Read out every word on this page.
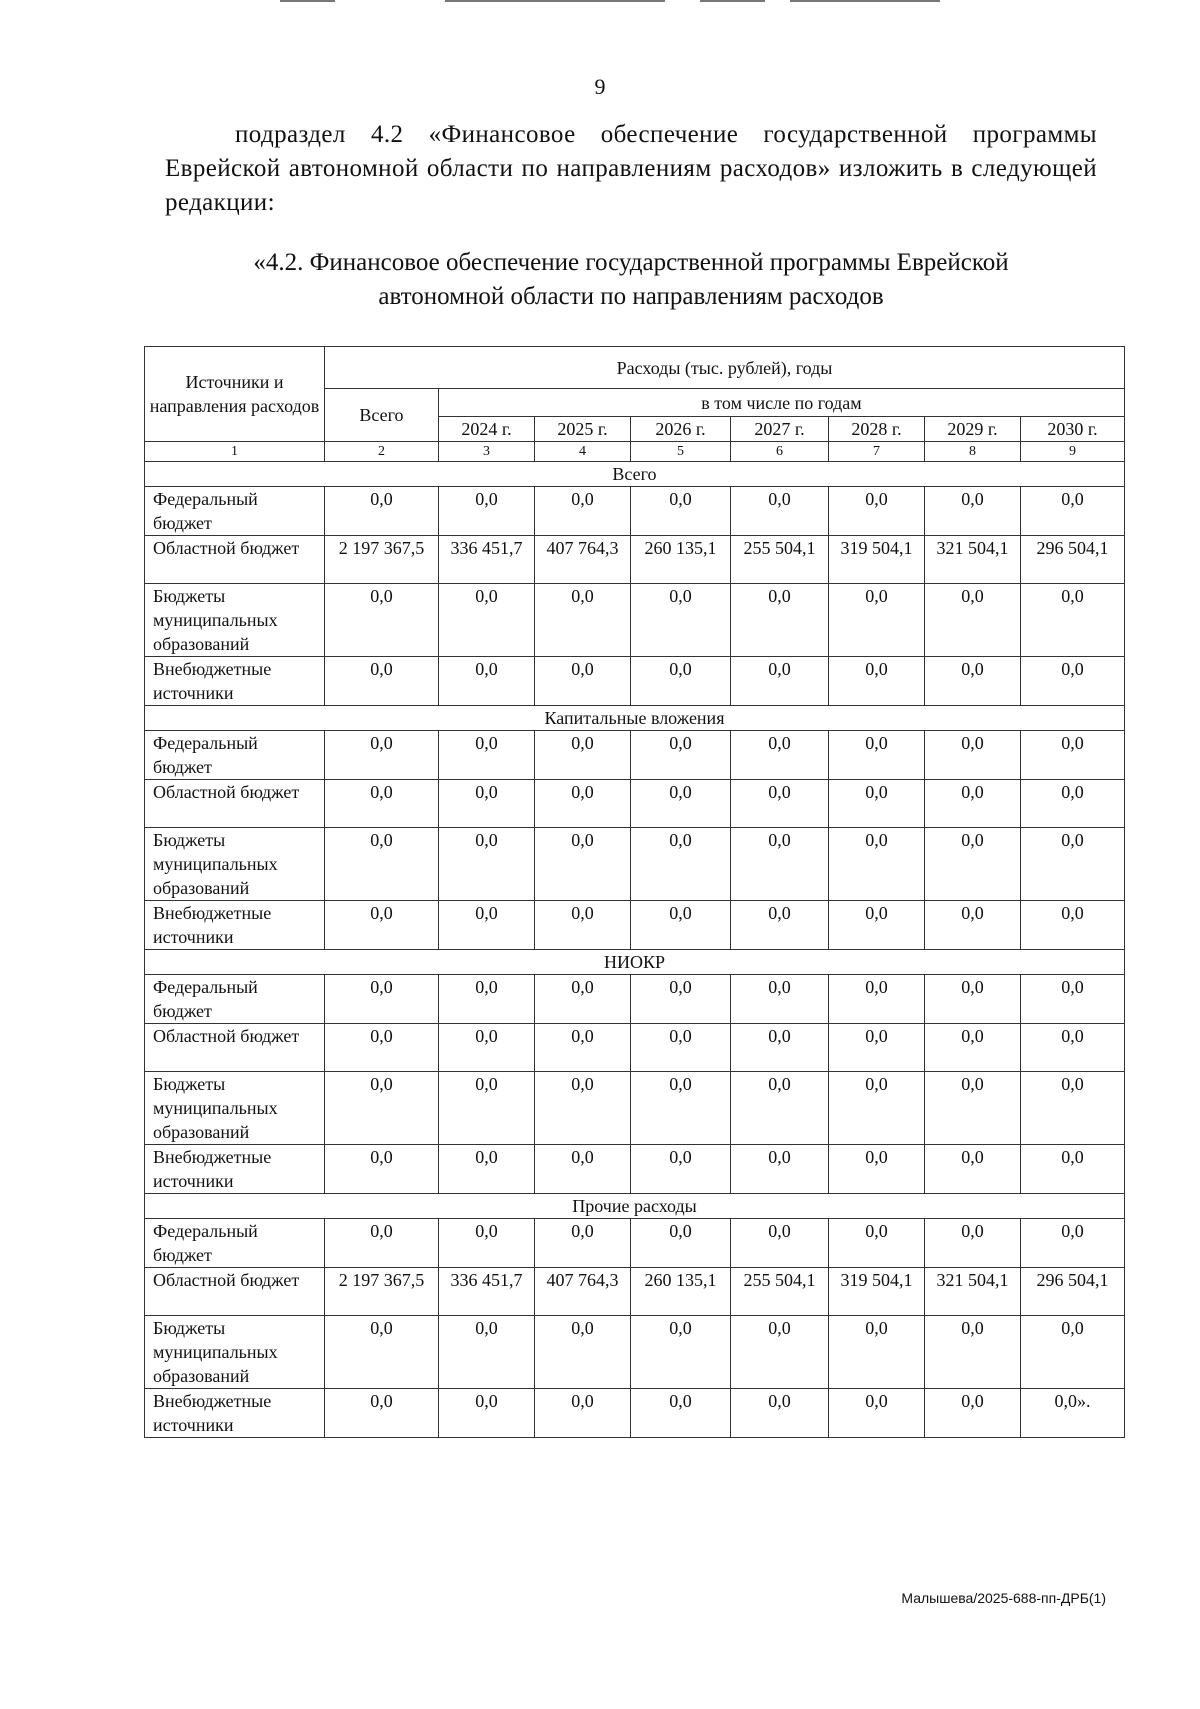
9
подраздел 4.2 «Финансовое обеспечение государственной программы Еврейской автономной области по направлениям расходов» изложить в следующей редакции:
«4.2. Финансовое обеспечение государственной программы Еврейской
автономной области по направлениям расходов
Источники и направления расходов	Расходы (тыс. рублей), годы							
	Всего	в том числе по годам						
		2024 г.	2025 г.	2026 г.	2027 г.	2028 г.	2029 г.	2030 г.
1	2	3	4	5	6	7	8	9
Всего								
Федеральный бюджет	0,0	0,0	0,0	0,0	0,0	0,0	0,0	0,0
Областной бюджет	2 197 367,5	336 451,7	407 764,3	260 135,1	255 504,1	319 504,1	321 504,1	296 504,1
Бюджеты муниципальных образований	0,0	0,0	0,0	0,0	0,0	0,0	0,0	0,0
Внебюджетные источники	0,0	0,0	0,0	0,0	0,0	0,0	0,0	0,0
Капитальные вложения								
Федеральный бюджет	0,0	0,0	0,0	0,0	0,0	0,0	0,0	0,0
Областной бюджет	0,0	0,0	0,0	0,0	0,0	0,0	0,0	0,0
Бюджеты муниципальных образований	0,0	0,0	0,0	0,0	0,0	0,0	0,0	0,0
Внебюджетные источники	0,0	0,0	0,0	0,0	0,0	0,0	0,0	0,0
НИОКР								
Федеральный бюджет	0,0	0,0	0,0	0,0	0,0	0,0	0,0	0,0
Областной бюджет	0,0	0,0	0,0	0,0	0,0	0,0	0,0	0,0
Бюджеты муниципальных образований	0,0	0,0	0,0	0,0	0,0	0,0	0,0	0,0
Внебюджетные источники	0,0	0,0	0,0	0,0	0,0	0,0	0,0	0,0
Прочие расходы								
Федеральный бюджет	0,0	0,0	0,0	0,0	0,0	0,0	0,0	0,0
Областной бюджет	2 197 367,5	336 451,7	407 764,3	260 135,1	255 504,1	319 504,1	321 504,1	296 504,1
Бюджеты муниципальных образований	0,0	0,0	0,0	0,0	0,0	0,0	0,0	0,0
Внебюджетные источники	0,0	0,0	0,0	0,0	0,0	0,0	0,0	0,0».
Малышева/2025-688-пп-ДРБ(1)
